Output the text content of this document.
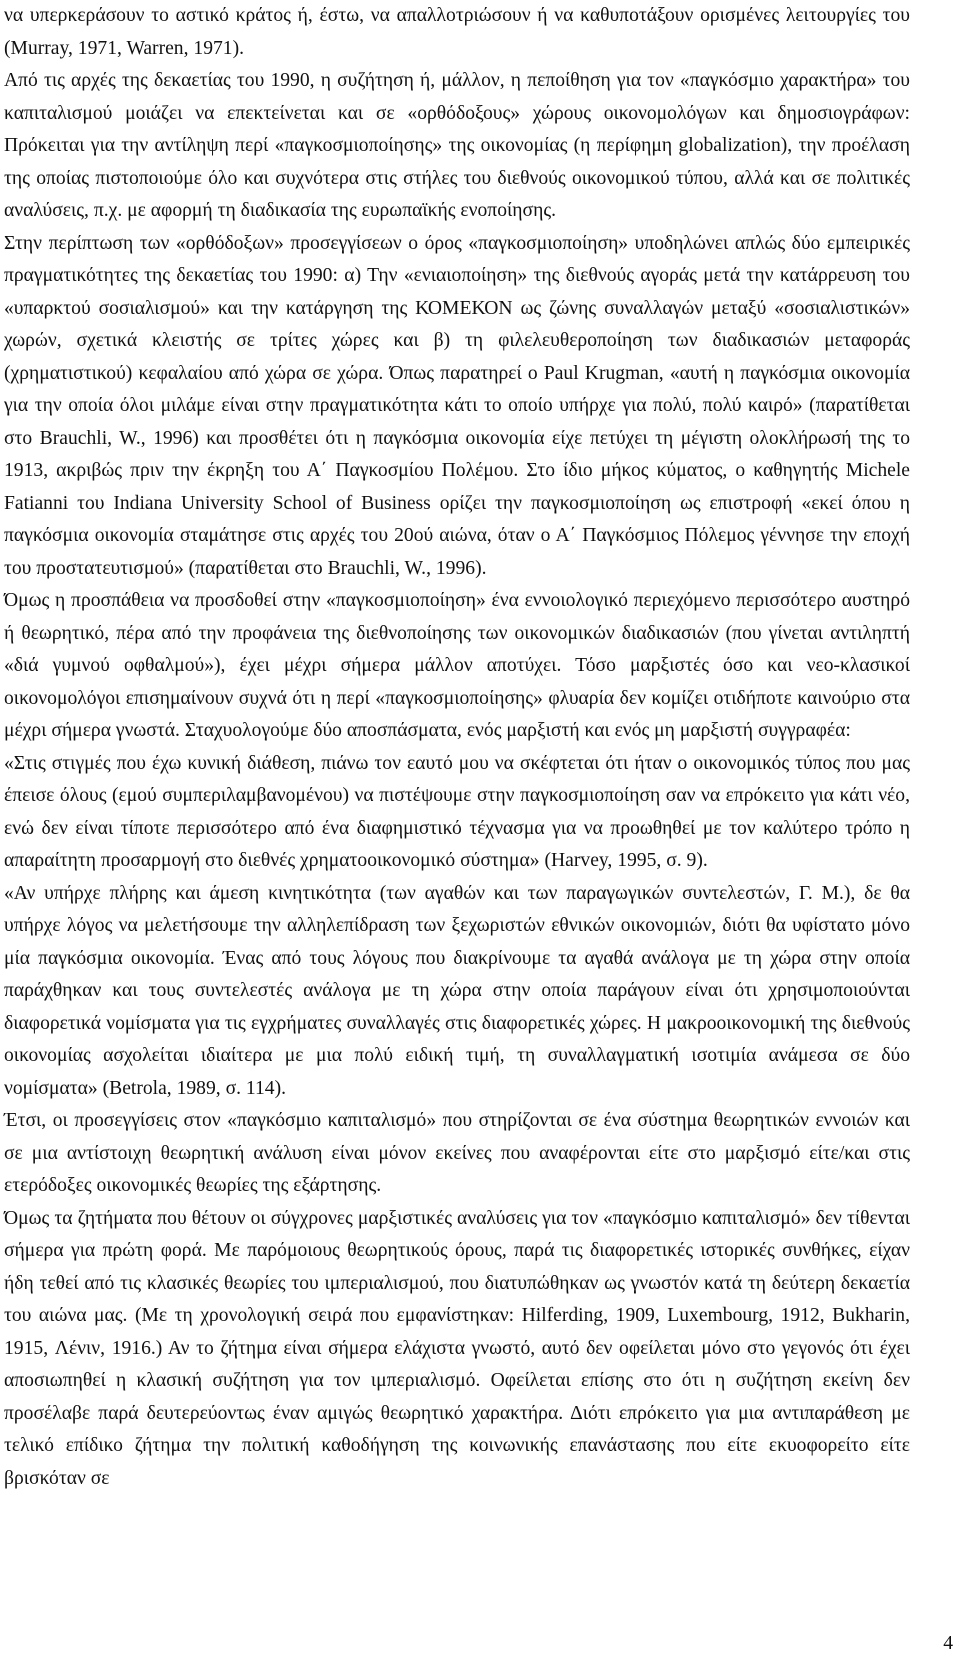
να υπερκεράσουν το αστικό κράτος ή, έστω, να απαλλοτριώσουν ή να καθυποτάξουν ορισμένες λειτουργίες του (Murray, 1971, Warren, 1971).

Από τις αρχές της δεκαετίας του 1990, η συζήτηση ή, μάλλον, η πεποίθηση για τον «παγκόσμιο χαρακτήρα» του καπιταλισμού μοιάζει να επεκτείνεται και σε «ορθόδοξους» χώρους οικονομολόγων και δημοσιογράφων: Πρόκειται για την αντίληψη περί «παγκοσμιοποίησης» της οικονομίας (η περίφημη globalization), την προέλαση της οποίας πιστοποιούμε όλο και συχνότερα στις στήλες του διεθνούς οικονομικού τύπου, αλλά και σε πολιτικές αναλύσεις, π.χ. με αφορμή τη διαδικασία της ευρωπαϊκής ενοποίησης.

Στην περίπτωση των «ορθόδοξων» προσεγγίσεων ο όρος «παγκοσμιοποίηση» υποδηλώνει απλώς δύο εμπειρικές πραγματικότητες της δεκαετίας του 1990: α) Την «ενιαιοποίηση» της διεθνούς αγοράς μετά την κατάρρευση του «υπαρκτού σοσιαλισμού» και την κατάργηση της ΚΟΜΕΚΟΝ ως ζώνης συναλλαγών μεταξύ «σοσιαλιστικών» χωρών, σχετικά κλειστής σε τρίτες χώρες και β) τη φιλελευθεροποίηση των διαδικασιών μεταφοράς (χρηματιστικού) κεφαλαίου από χώρα σε χώρα. Όπως παρατηρεί ο Paul Krugman, «αυτή η παγκόσμια οικονομία για την οποία όλοι μιλάμε είναι στην πραγματικότητα κάτι το οποίο υπήρχε για πολύ, πολύ καιρό» (παρατίθεται στο Brauchli, W., 1996) και προσθέτει ότι η παγκόσμια οικονομία είχε πετύχει τη μέγιστη ολοκλήρωσή της το 1913, ακριβώς πριν την έκρηξη του Α΄ Παγκοσμίου Πολέμου. Στο ίδιο μήκος κύματος, ο καθηγητής Michele Fatianni του Indiana University School of Business ορίζει την παγκοσμιοποίηση ως επιστροφή «εκεί όπου η παγκόσμια οικονομία σταμάτησε στις αρχές του 20ού αιώνα, όταν ο Α΄ Παγκόσμιος Πόλεμος γέννησε την εποχή του προστατευτισμού» (παρατίθεται στο Brauchli, W., 1996).

Όμως η προσπάθεια να προσδοθεί στην «παγκοσμιοποίηση» ένα εννοιολογικό περιεχόμενο περισσότερο αυστηρό ή θεωρητικό, πέρα από την προφάνεια της διεθνοποίησης των οικονομικών διαδικασιών (που γίνεται αντιληπτή «διά γυμνού οφθαλμού»), έχει μέχρι σήμερα μάλλον αποτύχει. Τόσο μαρξιστές όσο και νεο-κλασικοί οικονομολόγοι επισημαίνουν συχνά ότι η περί «παγκοσμιοποίησης» φλυαρία δεν κομίζει οτιδήποτε καινούριο στα μέχρι σήμερα γνωστά. Σταχυολογούμε δύο αποσπάσματα, ενός μαρξιστή και ενός μη μαρξιστή συγγραφέα:

«Στις στιγμές που έχω κυνική διάθεση, πιάνω τον εαυτό μου να σκέφτεται ότι ήταν ο οικονομικός τύπος που μας έπεισε όλους (εμού συμπεριλαμβανομένου) να πιστέψουμε στην παγκοσμιοποίηση σαν να επρόκειτο για κάτι νέο, ενώ δεν είναι τίποτε περισσότερο από ένα διαφημιστικό τέχνασμα για να προωθηθεί με τον καλύτερο τρόπο η απαραίτητη προσαρμογή στο διεθνές χρηματοοικονομικό σύστημα» (Harvey, 1995, σ. 9).

«Αν υπήρχε πλήρης και άμεση κινητικότητα (των αγαθών και των παραγωγικών συντελεστών, Γ. Μ.), δε θα υπήρχε λόγος να μελετήσουμε την αλληλεπίδραση των ξεχωριστών εθνικών οικονομιών, διότι θα υφίστατο μόνο μία παγκόσμια οικονομία. Ένας από τους λόγους που διακρίνουμε τα αγαθά ανάλογα με τη χώρα στην οποία παράχθηκαν και τους συντελεστές ανάλογα με τη χώρα στην οποία παράγουν είναι ότι χρησιμοποιούνται διαφορετικά νομίσματα για τις εγχρήματες συναλλαγές στις διαφορετικές χώρες. Η μακροοικονομική της διεθνούς οικονομίας ασχολείται ιδιαίτερα με μια πολύ ειδική τιμή, τη συναλλαγματική ισοτιμία ανάμεσα σε δύο νομίσματα» (Betrola, 1989, σ. 114).

Έτσι, οι προσεγγίσεις στον «παγκόσμιο καπιταλισμό» που στηρίζονται σε ένα σύστημα θεωρητικών εννοιών και σε μια αντίστοιχη θεωρητική ανάλυση είναι μόνον εκείνες που αναφέρονται είτε στο μαρξισμό είτε/και στις ετερόδοξες οικονομικές θεωρίες της εξάρτησης.

Όμως τα ζητήματα που θέτουν οι σύγχρονες μαρξιστικές αναλύσεις για τον «παγκόσμιο καπιταλισμό» δεν τίθενται σήμερα για πρώτη φορά. Με παρόμοιους θεωρητικούς όρους, παρά τις διαφορετικές ιστορικές συνθήκες, είχαν ήδη τεθεί από τις κλασικές θεωρίες του ιμπεριαλισμού, που διατυπώθηκαν ως γνωστόν κατά τη δεύτερη δεκαετία του αιώνα μας. (Με τη χρονολογική σειρά που εμφανίστηκαν: Hilferding, 1909, Luxembourg, 1912, Bukharin, 1915, Λένιν, 1916.) Αν το ζήτημα είναι σήμερα ελάχιστα γνωστό, αυτό δεν οφείλεται μόνο στο γεγονός ότι έχει αποσιωπηθεί η κλασική συζήτηση για τον ιμπεριαλισμό. Οφείλεται επίσης στο ότι η συζήτηση εκείνη δεν προσέλαβε παρά δευτερεύοντως έναν αμιγώς θεωρητικό χαρακτήρα. Διότι επρόκειτο για μια αντιπαράθεση με τελικό επίδικο ζήτημα την πολιτική καθοδήγηση της κοινωνικής επανάστασης που είτε εκυοφορείτο είτε βρισκόταν σε

4
